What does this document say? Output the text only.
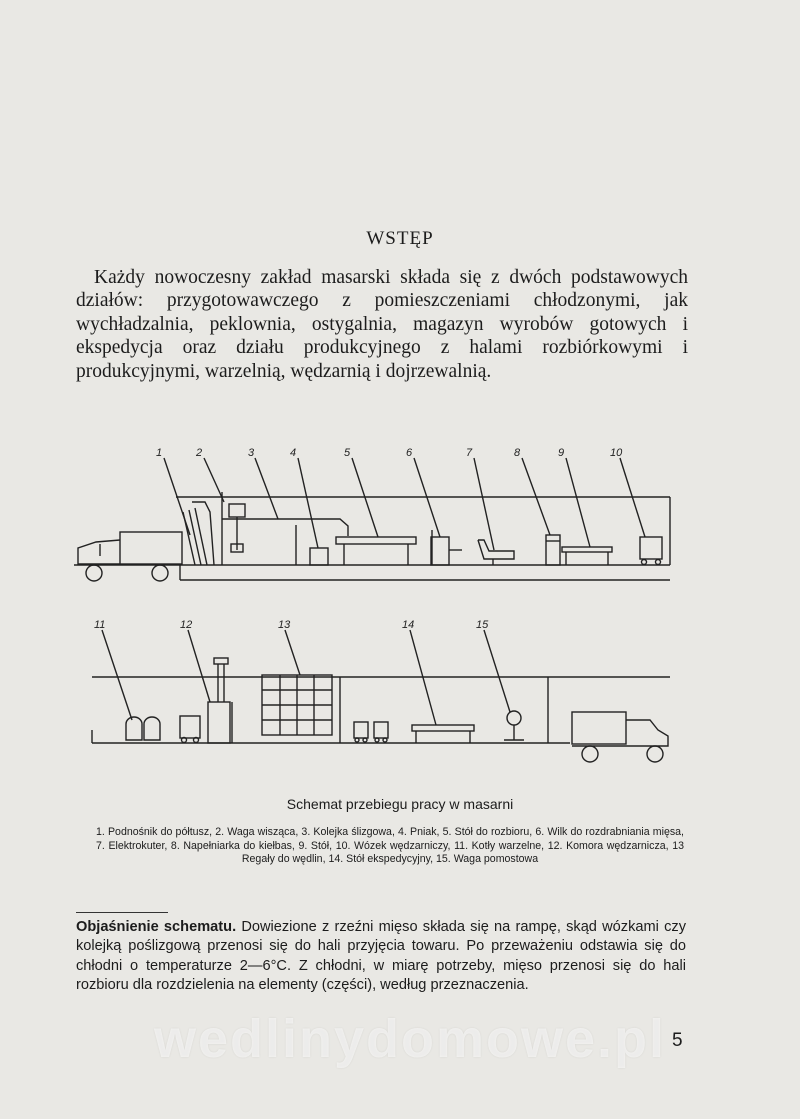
WSTĘP
Każdy nowoczesny zakład masarski składa się z dwóch podstawowych działów: przygotowawczego z pomieszczeniami chłodzonymi, jak wychładzalnia, peklownia, ostygalnia, magazyn wyrobów gotowych i ekspedycja oraz działu produkcyjnego z halami rozbiórkowymi i produkcyjnymi, warzelnią, wędzarnią i dojrzewalnią.
1	2	3	4	5	6	7	8	9	10
11	12	13	14	15
Schemat przebiegu pracy w masarni
1. Podnośnik do półtusz, 2. Waga wisząca, 3. Kolejka ślizgowa, 4. Pniak, 5. Stół do rozbioru, 6. Wilk do rozdrabniania mięsa, 7. Elektrokuter, 8. Napełniarka do kiełbas, 9. Stół, 10. Wózek wędzarniczy, 11. Kotły warzelne, 12. Komora wędzarnicza, 13 Regały do wędlin, 14. Stół ekspedycyjny, 15. Waga pomostowa
Objaśnienie schematu. Dowiezione z rzeźni mięso składa się na rampę, skąd wózkami czy kolejką poślizgową przenosi się do hali przyjęcia towaru. Po przeważeniu odstawia się do chłodni o temperaturze 2—6°C. Z chłodni, w miarę potrzeby, mięso przenosi się do hali rozbioru dla rozdzielenia na elementy (części), według przeznaczenia.
wedlinydomowe.pl 5
